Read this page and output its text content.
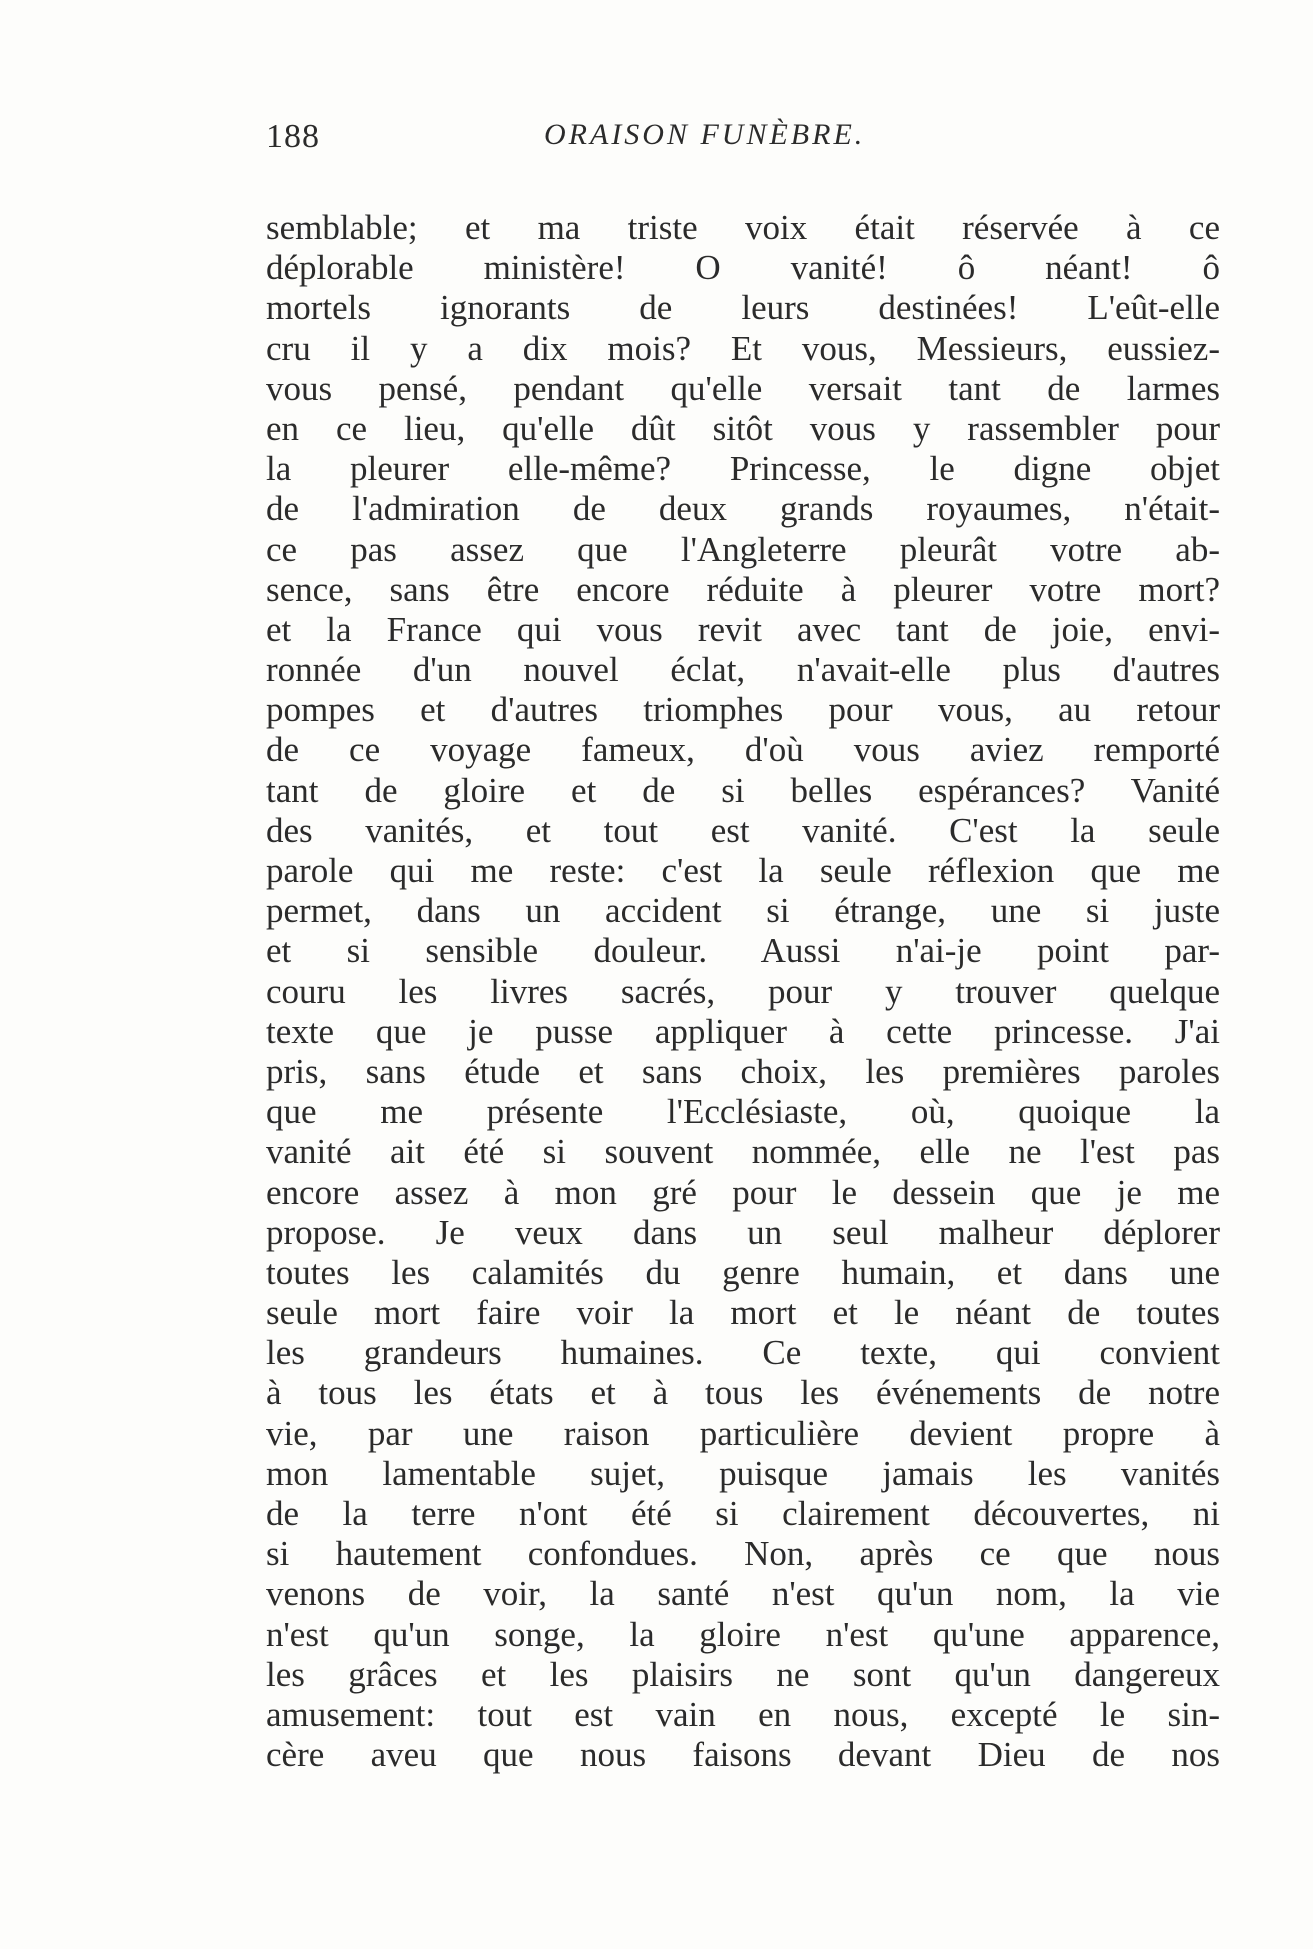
188	ORAISON FUNÈBRE.
semblable; et ma triste voix était réservée à ce
déplorable ministère! O vanité! ô néant! ô
mortels ignorants de leurs destinées! L'eût-elle
cru il y a dix mois? Et vous, Messieurs, eussiez-
vous pensé, pendant qu'elle versait tant de larmes
en ce lieu, qu'elle dût sitôt vous y rassembler pour
la pleurer elle-même? Princesse, le digne objet
de l'admiration de deux grands royaumes, n'était-
ce pas assez que l'Angleterre pleurât votre ab-
sence, sans être encore réduite à pleurer votre mort?
et la France qui vous revit avec tant de joie, envi-
ronnée d'un nouvel éclat, n'avait-elle plus d'autres
pompes et d'autres triomphes pour vous, au retour
de ce voyage fameux, d'où vous aviez remporté
tant de gloire et de si belles espérances? Vanité
des vanités, et tout est vanité. C'est la seule
parole qui me reste: c'est la seule réflexion que me
permet, dans un accident si étrange, une si juste
et si sensible douleur. Aussi n'ai-je point par-
couru les livres sacrés, pour y trouver quelque
texte que je pusse appliquer à cette princesse. J'ai
pris, sans étude et sans choix, les premières paroles
que me présente l'Ecclésiaste, où, quoique la
vanité ait été si souvent nommée, elle ne l'est pas
encore assez à mon gré pour le dessein que je me
propose. Je veux dans un seul malheur déplorer
toutes les calamités du genre humain, et dans une
seule mort faire voir la mort et le néant de toutes
les grandeurs humaines. Ce texte, qui convient
à tous les états et à tous les événements de notre
vie, par une raison particulière devient propre à
mon lamentable sujet, puisque jamais les vanités
de la terre n'ont été si clairement découvertes, ni
si hautement confondues. Non, après ce que nous
venons de voir, la santé n'est qu'un nom, la vie
n'est qu'un songe, la gloire n'est qu'une apparence,
les grâces et les plaisirs ne sont qu'un dangereux
amusement: tout est vain en nous, excepté le sin-
cère aveu que nous faisons devant Dieu de nos
